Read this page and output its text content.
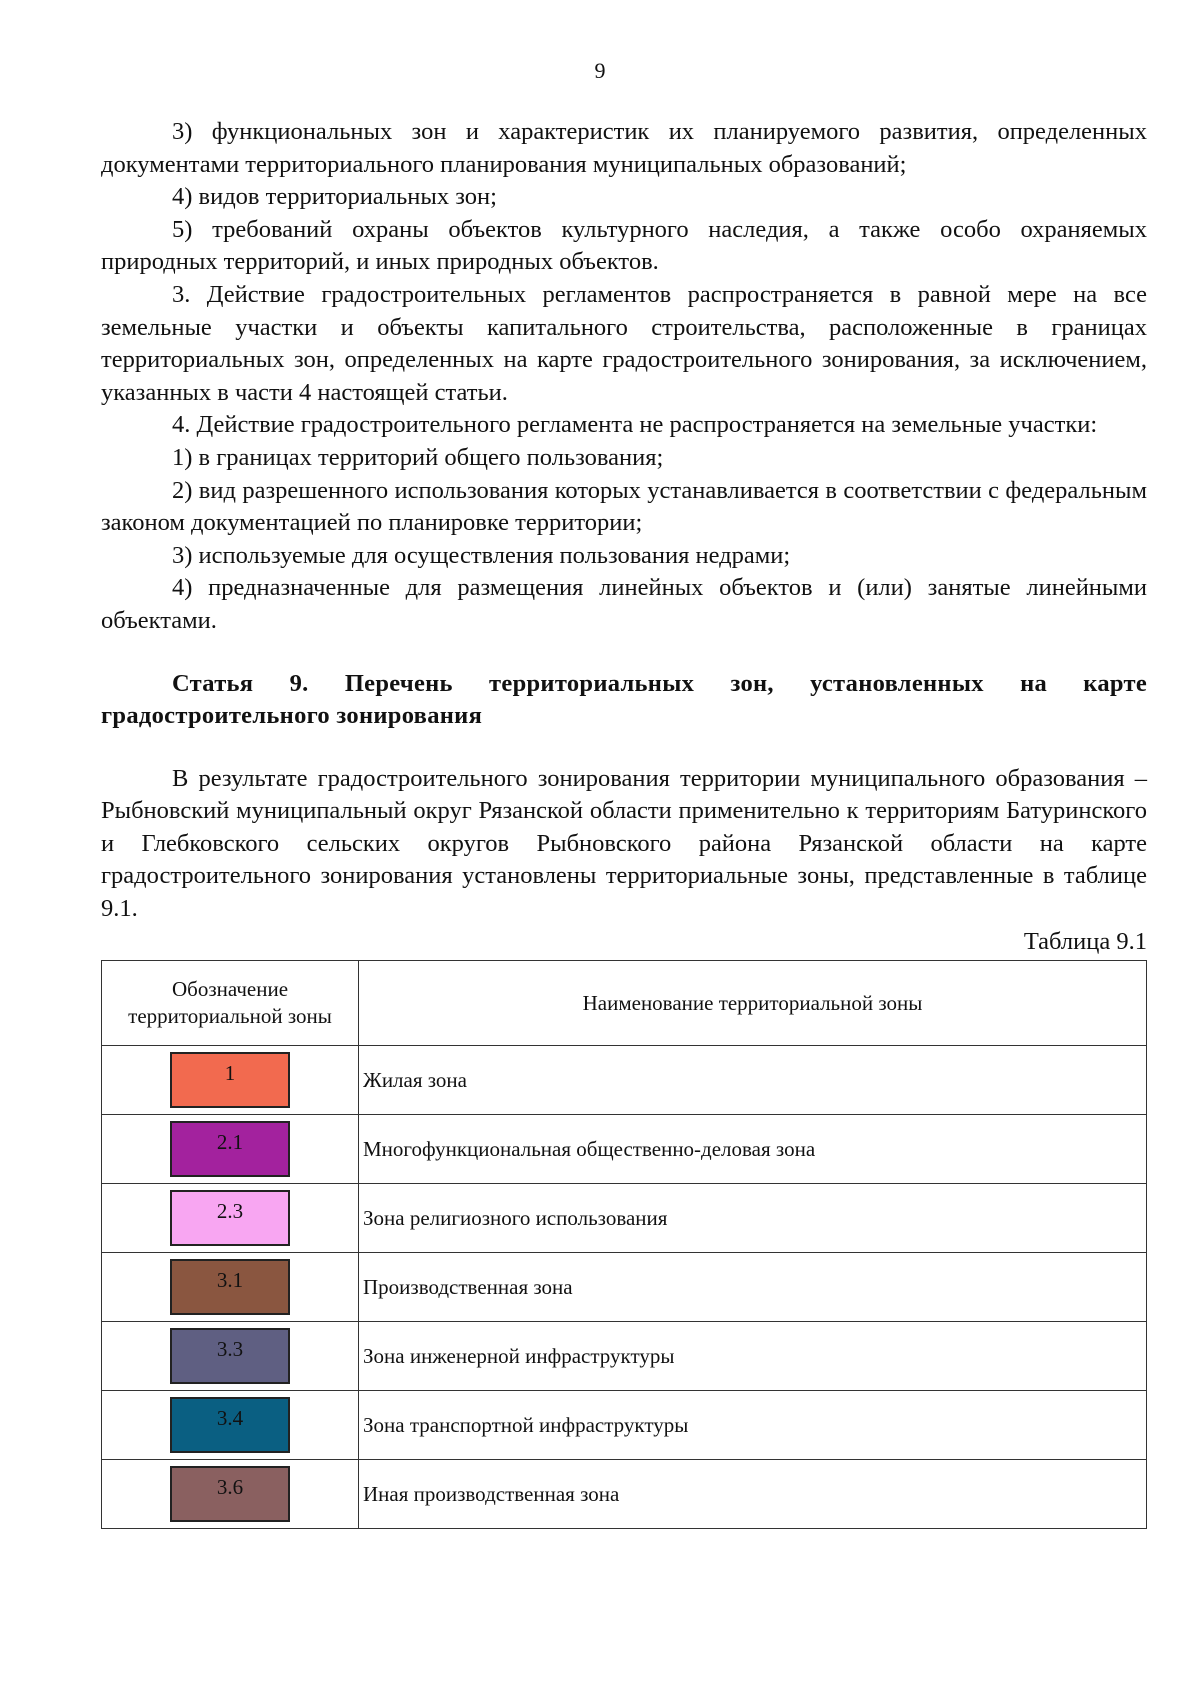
9

3) функциональных зон и характеристик их планируемого развития, определенных документами территориального планирования муниципальных образований;

4) видов территориальных зон;

5) требований охраны объектов культурного наследия, а также особо охраняемых природных территорий, и иных природных объектов.

3. Действие градостроительных регламентов распространяется в равной мере на все земельные участки и объекты капитального строительства, расположенные в границах территориальных зон, определенных на карте градостроительного зонирования, за исключением, указанных в части 4 настоящей статьи.

4. Действие градостроительного регламента не распространяется на земельные участки:

1) в границах территорий общего пользования;

2) вид разрешенного использования которых устанавливается в соответствии с федеральным законом документацией по планировке территории;

3) используемые для осуществления пользования недрами;

4) предназначенные для размещения линейных объектов и (или) занятые линейными объектами.

Статья 9. Перечень территориальных зон, установленных на карте градостроительного зонирования

В результате градостроительного зонирования территории муниципального образования – Рыбновский муниципальный округ Рязанской области применительно к территориям Батуринского и Глебковского сельских округов Рыбновского района Рязанской области на карте градостроительного зонирования установлены территориальные зоны, представленные в таблице 9.1.

Таблица 9.1

Обозначение территориальной зоны	Наименование территориальной зоны
1	Жилая зона
2.1	Многофункциональная общественно-деловая зона
2.3	Зона религиозного использования
3.1	Производственная зона
3.3	Зона инженерной инфраструктуры
3.4	Зона транспортной инфраструктуры
3.6	Иная производственная зона
